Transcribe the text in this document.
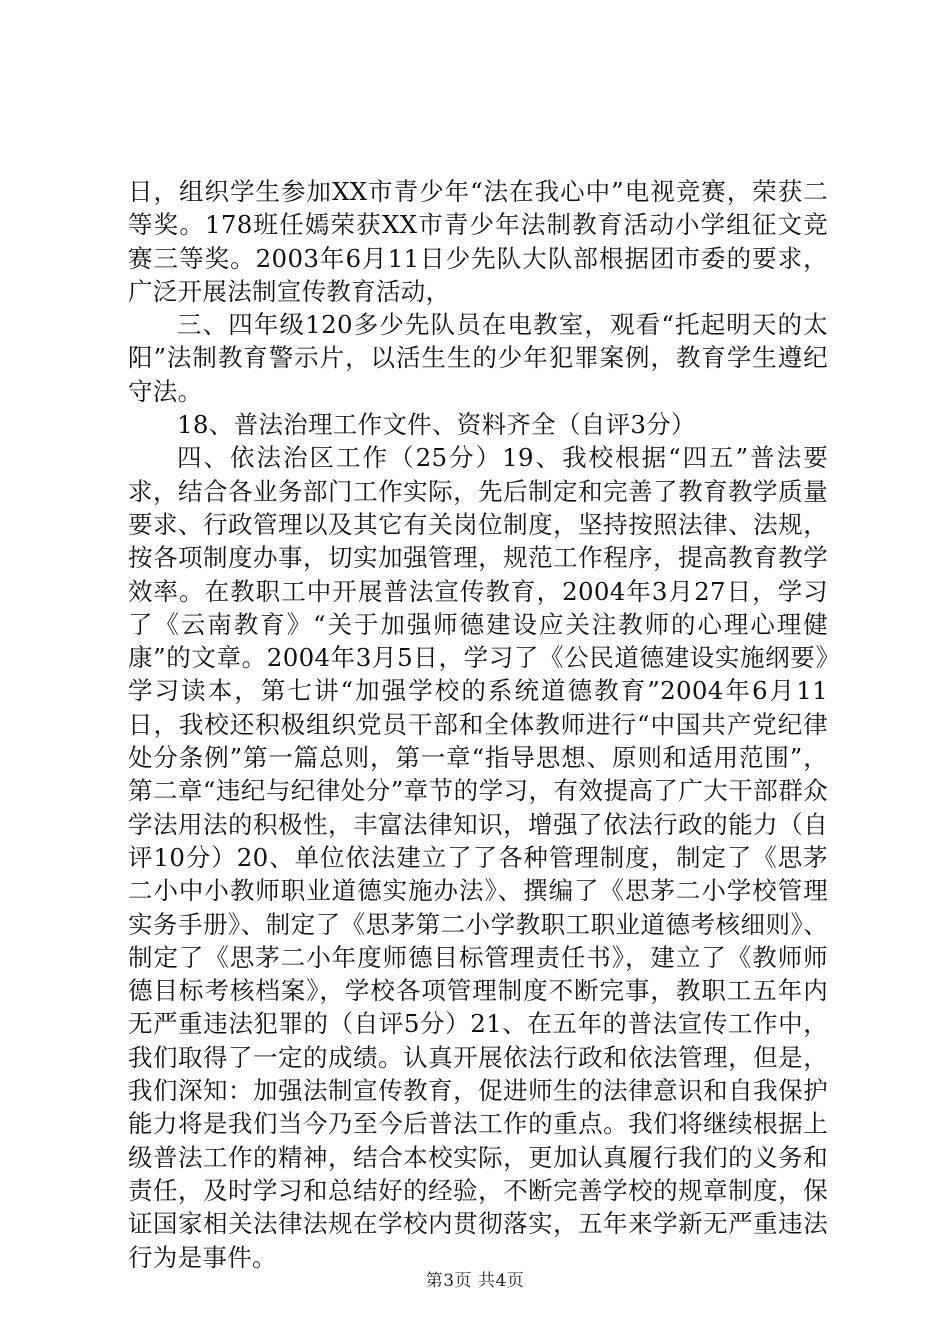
日，组织学生参加XX市青少年“法在我心中”电视竞赛，荣获二等奖。178班任嫣荣获XX市青少年法制教育活动小学组征文竞赛三等奖。2003年6月11日少先队大队部根据团市委的要求，广泛开展法制宣传教育活动，

三、四年级120多少先队员在电教室，观看“托起明天的太阳”法制教育警示片，以活生生的少年犯罪案例，教育学生遵纪守法。

18、普法治理工作文件、资料齐全（自评3分）

四、依法治区工作（25分）19、我校根据“四五”普法要求，结合各业务部门工作实际，先后制定和完善了教育教学质量要求、行政管理以及其它有关岗位制度，坚持按照法律、法规，按各项制度办事，切实加强管理，规范工作程序，提高教育教学效率。在教职工中开展普法宣传教育，2004年3月27日，学习了《云南教育》“关于加强师德建设应关注教师的心理心理健康”的文章。2004年3月5日，学习了《公民道德建设实施纲要》学习读本，第七讲“加强学校的系统道德教育”2004年6月11日，我校还积极组织党员干部和全体教师进行“中国共产党纪律处分条例”第一篇总则，第一章“指导思想、原则和适用范围”，第二章“违纪与纪律处分”章节的学习，有效提高了广大干部群众学法用法的积极性，丰富法律知识，增强了依法行政的能力（自评10分）20、单位依法建立了了各种管理制度，制定了《思茅二小中小教师职业道德实施办法》、撰编了《思茅二小学校管理实务手册》、制定了《思茅第二小学教职工职业道德考核细则》、制定了《思茅二小年度师德目标管理责任书》，建立了《教师师德目标考核档案》，学校各项管理制度不断完事，教职工五年内无严重违法犯罪的（自评5分）21、在五年的普法宣传工作中，我们取得了一定的成绩。认真开展依法行政和依法管理，但是，我们深知：加强法制宣传教育，促进师生的法律意识和自我保护能力将是我们当今乃至今后普法工作的重点。我们将继续根据上级普法工作的精神，结合本校实际，更加认真履行我们的义务和责任，及时学习和总结好的经验，不断完善学校的规章制度，保证国家相关法律法规在学校内贯彻落实，五年来学新无严重违法行为是事件。

第3页 共4页
